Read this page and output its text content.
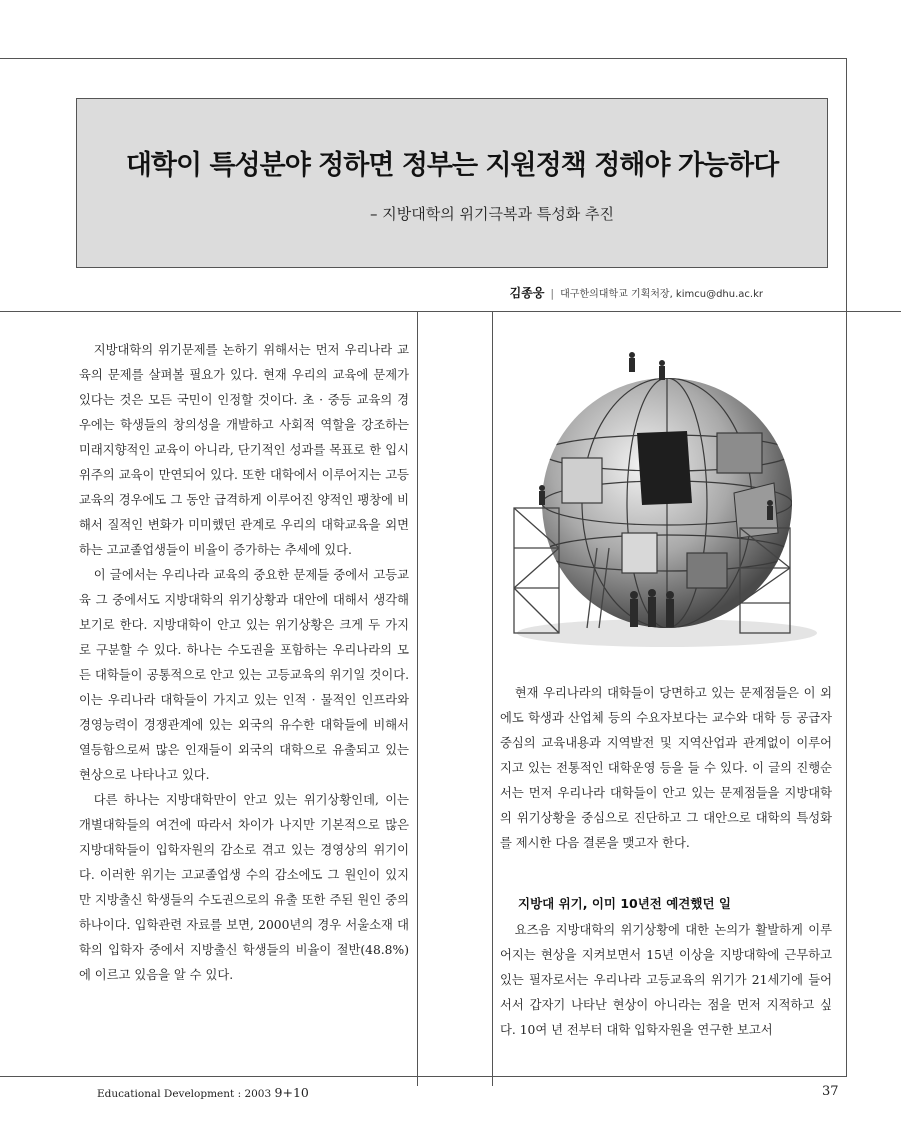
대학이 특성분야 정하면 정부는 지원정책 정해야 가능하다
– 지방대학의 위기극복과 특성화 추진
김종웅 | 대구한의대학교 기획처장, kimcu@dhu.ac.kr

지방대학의 위기문제를 논하기 위해서는 먼저 우리나라 교육의 문제를 살펴볼 필요가 있다. 현재 우리의 교육에 문제가 있다는 것은 모든 국민이 인정할 것이다. 초 · 중등 교육의 경우에는 학생들의 창의성을 개발하고 사회적 역할을 강조하는 미래지향적인 교육이 아니라, 단기적인 성과를 목표로 한 입시위주의 교육이 만연되어 있다. 또한 대학에서 이루어지는 고등교육의 경우에도 그 동안 급격하게 이루어진 양적인 팽창에 비해서 질적인 변화가 미미했던 관계로 우리의 대학교육을 외면하는 고교졸업생들이 비율이 증가하는 추세에 있다.

이 글에서는 우리나라 교육의 중요한 문제들 중에서 고등교육 그 중에서도 지방대학의 위기상황과 대안에 대해서 생각해 보기로 한다. 지방대학이 안고 있는 위기상황은 크게 두 가지로 구분할 수 있다. 하나는 수도권을 포함하는 우리나라의 모든 대학들이 공통적으로 안고 있는 고등교육의 위기일 것이다. 이는 우리나라 대학들이 가지고 있는 인적 · 물적인 인프라와 경영능력이 경쟁관계에 있는 외국의 유수한 대학들에 비해서 열등함으로써 많은 인재들이 외국의 대학으로 유출되고 있는 현상으로 나타나고 있다.

다른 하나는 지방대학만이 안고 있는 위기상황인데, 이는 개별대학들의 여건에 따라서 차이가 나지만 기본적으로 많은 지방대학들이 입학자원의 감소로 겪고 있는 경영상의 위기이다. 이러한 위기는 고교졸업생 수의 감소에도 그 원인이 있지만 지방출신 학생들의 수도권으로의 유출 또한 주된 원인 중의 하나이다. 입학관련 자료를 보면, 2000년의 경우 서울소재 대학의 입학자 중에서 지방출신 학생들의 비율이 절반(48.8%)에 이르고 있음을 알 수 있다.

현재 우리나라의 대학들이 당면하고 있는 문제점들은 이 외에도 학생과 산업체 등의 수요자보다는 교수와 대학 등 공급자 중심의 교육내용과 지역발전 및 지역산업과 관계없이 이루어지고 있는 전통적인 대학운영 등을 들 수 있다. 이 글의 진행순서는 먼저 우리나라 대학들이 안고 있는 문제점들을 지방대학의 위기상황을 중심으로 진단하고 그 대안으로 대학의 특성화를 제시한 다음 결론을 맺고자 한다.

지방대 위기, 이미 10년전 예견했던 일

요즈음 지방대학의 위기상황에 대한 논의가 활발하게 이루어지는 현상을 지켜보면서 15년 이상을 지방대학에 근무하고 있는 필자로서는 우리나라 고등교육의 위기가 21세기에 들어서서 갑자기 나타난 현상이 아니라는 점을 먼저 지적하고 싶다. 10여 년 전부터 대학 입학자원을 연구한 보고서

Educational Development : 2003 9+10	37
